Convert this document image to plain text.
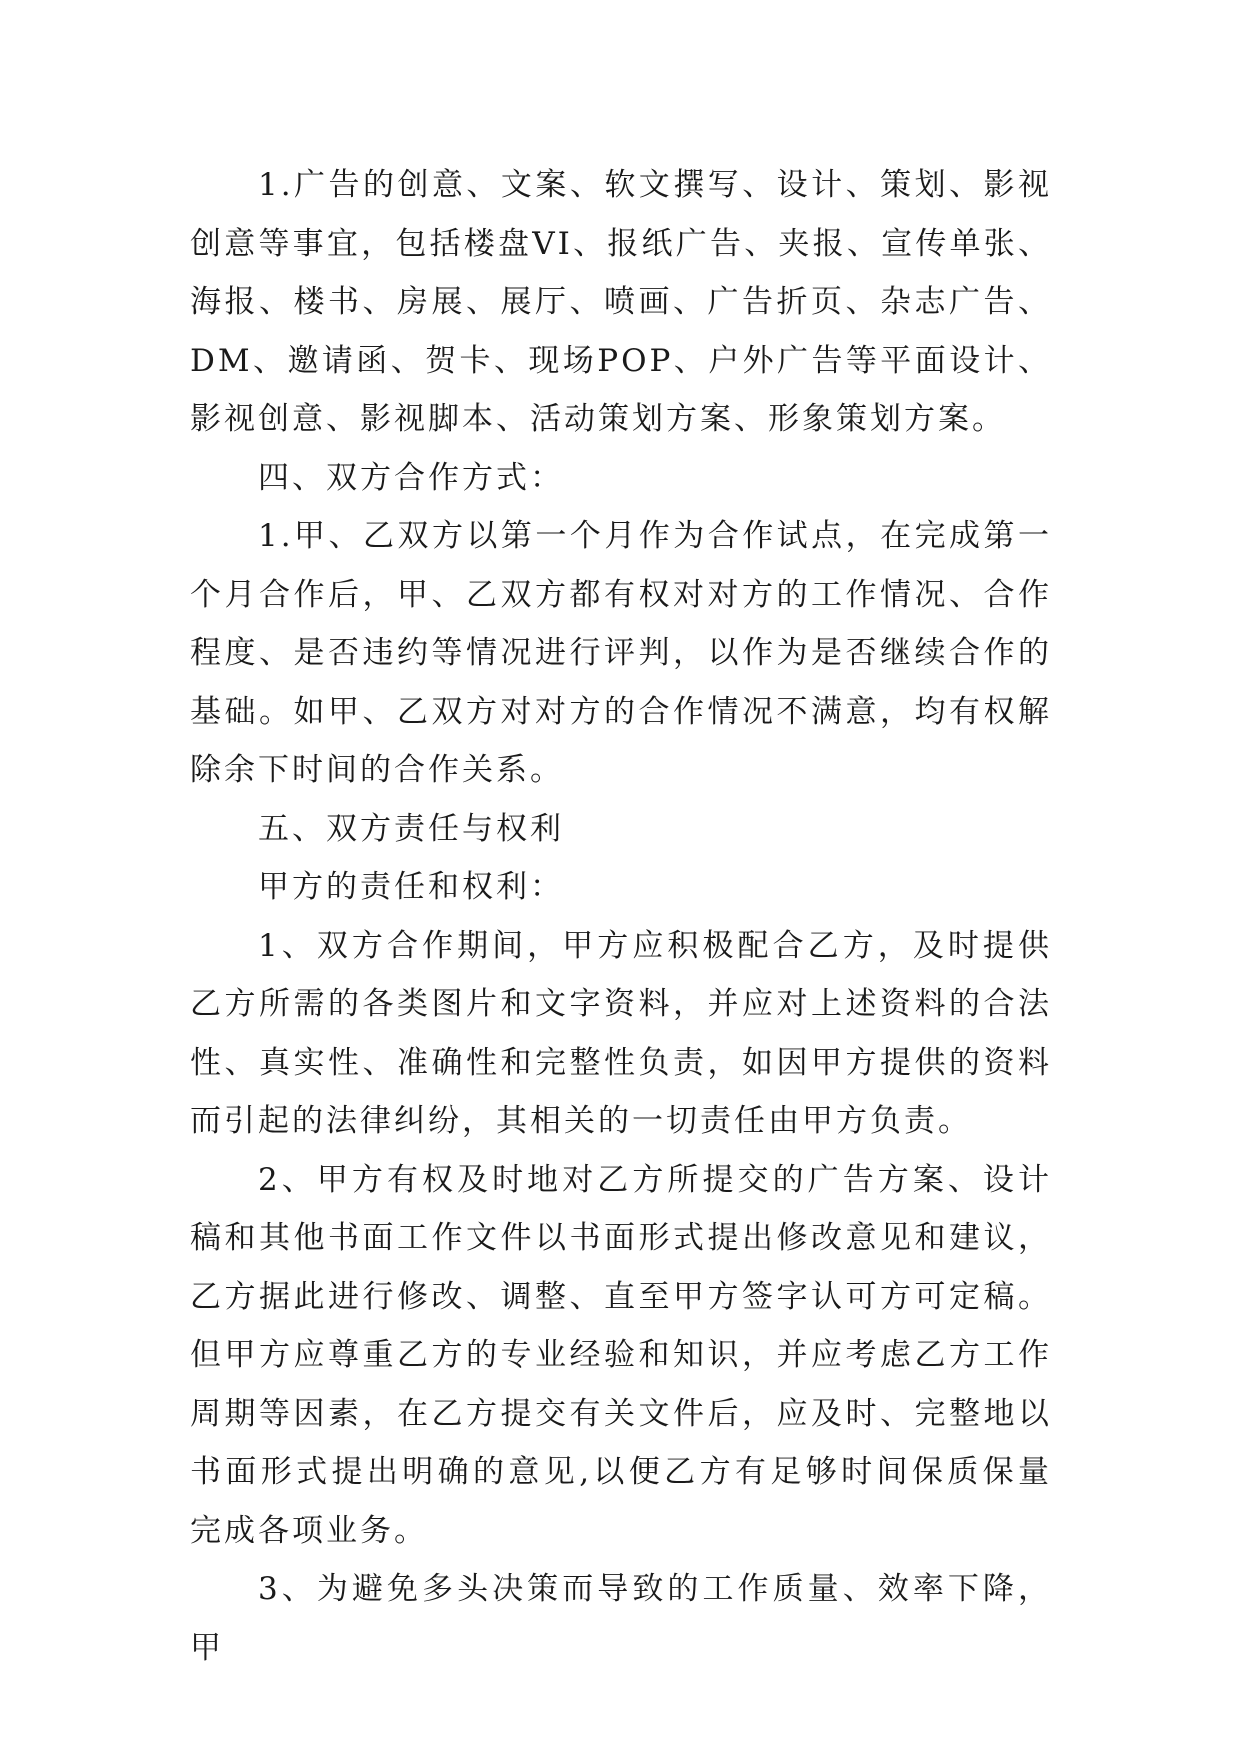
1.广告的创意、文案、软文撰写、设计、策划、影视创意等事宜，包括楼盘VI、报纸广告、夹报、宣传单张、海报、楼书、房展、展厅、喷画、广告折页、杂志广告、DM、邀请函、贺卡、现场POP、户外广告等平面设计、影视创意、影视脚本、活动策划方案、形象策划方案。

四、双方合作方式：

1.甲、乙双方以第一个月作为合作试点，在完成第一个月合作后，甲、乙双方都有权对对方的工作情况、合作程度、是否违约等情况进行评判，以作为是否继续合作的基础。如甲、乙双方对对方的合作情况不满意，均有权解除余下时间的合作关系。

五、双方责任与权利

甲方的责任和权利：

1、双方合作期间，甲方应积极配合乙方，及时提供乙方所需的各类图片和文字资料，并应对上述资料的合法性、真实性、准确性和完整性负责，如因甲方提供的资料而引起的法律纠纷，其相关的一切责任由甲方负责。

2、甲方有权及时地对乙方所提交的广告方案、设计稿和其他书面工作文件以书面形式提出修改意见和建议，乙方据此进行修改、调整、直至甲方签字认可方可定稿。但甲方应尊重乙方的专业经验和知识，并应考虑乙方工作周期等因素，在乙方提交有关文件后，应及时、完整地以书面形式提出明确的意见,以便乙方有足够时间保质保量完成各项业务。

3、为避免多头决策而导致的工作质量、效率下降，甲
